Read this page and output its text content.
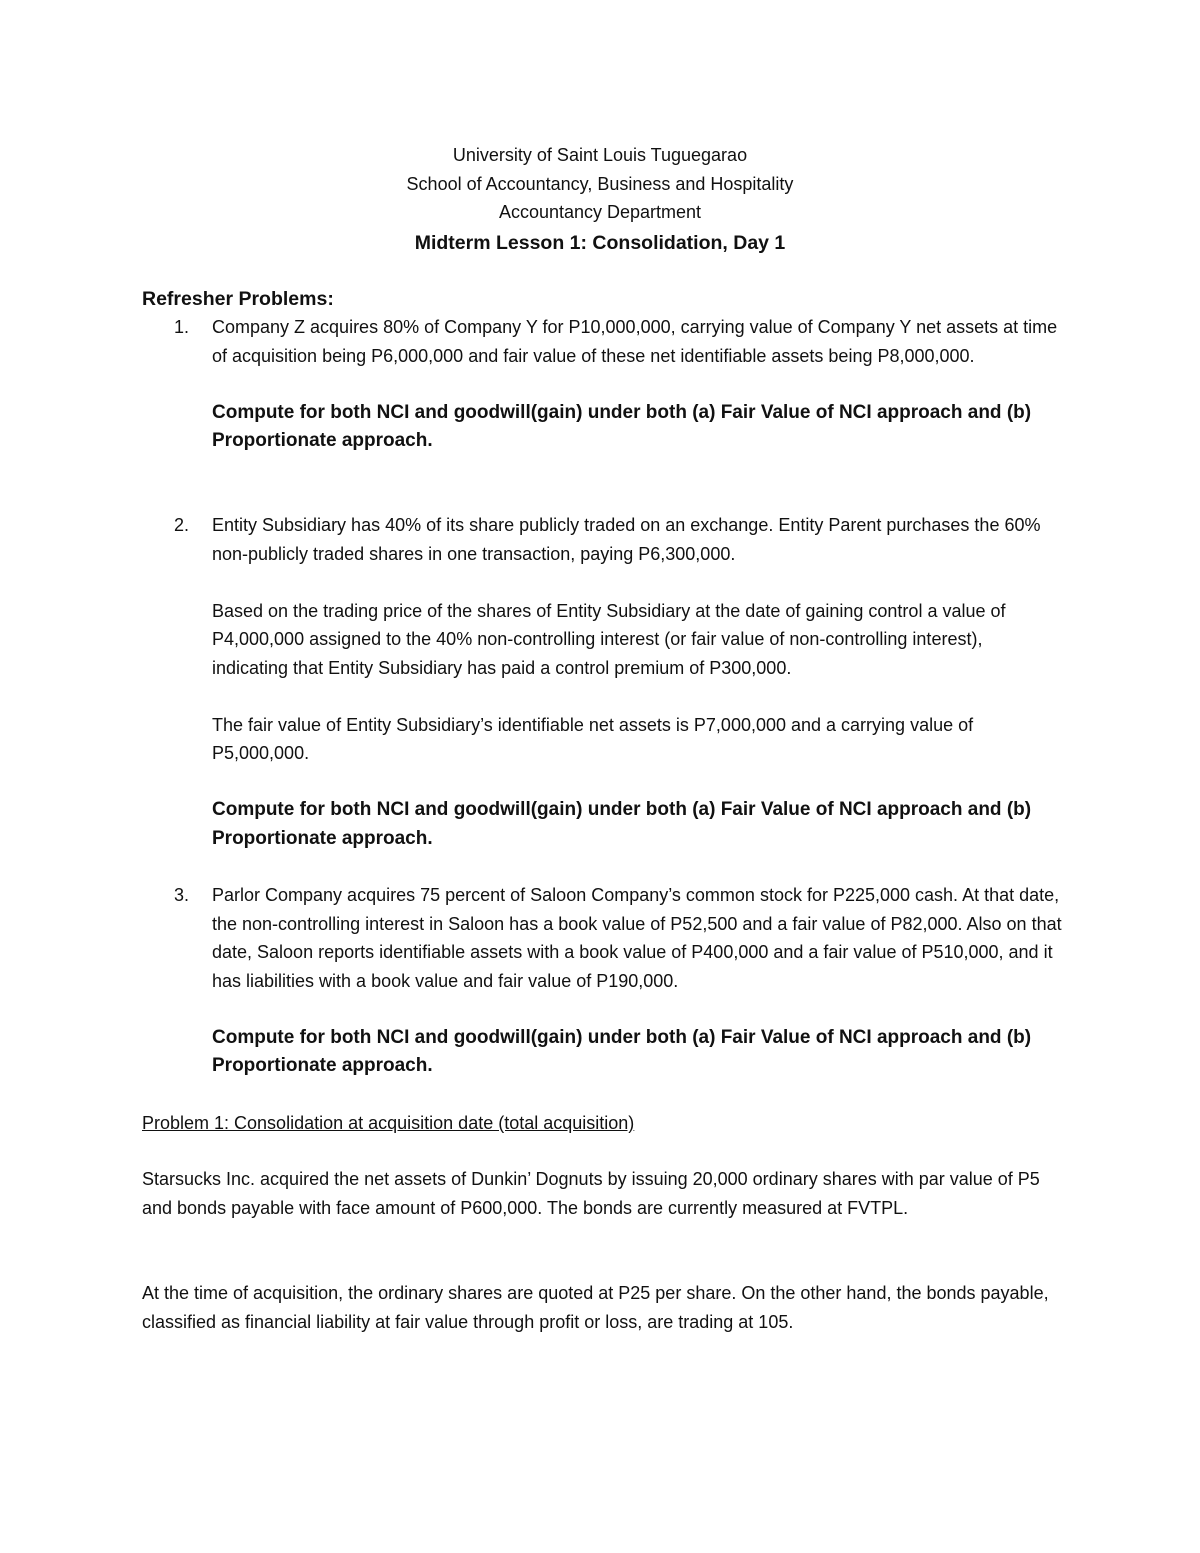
University of Saint Louis Tuguegarao
School of Accountancy, Business and Hospitality
Accountancy Department
Midterm Lesson 1: Consolidation, Day 1
Refresher Problems:
1.	Company Z acquires 80% of Company Y for P10,000,000, carrying value of Company Y net assets at time of acquisition being P6,000,000 and fair value of these net identifiable assets being P8,000,000.

Compute for both NCI and goodwill(gain) under both (a) Fair Value of NCI approach and (b) Proportionate approach.

2.	Entity Subsidiary has 40% of its share publicly traded on an exchange. Entity Parent purchases the 60% non-publicly traded shares in one transaction, paying P6,300,000.

Based on the trading price of the shares of Entity Subsidiary at the date of gaining control a value of P4,000,000 assigned to the 40% non-controlling interest (or fair value of non-controlling interest), indicating that Entity Subsidiary has paid a control premium of P300,000.

The fair value of Entity Subsidiary’s identifiable net assets is P7,000,000 and a carrying value of P5,000,000.

Compute for both NCI and goodwill(gain) under both (a) Fair Value of NCI approach and (b) Proportionate approach.

3.	Parlor Company acquires 75 percent of Saloon Company’s common stock for P225,000 cash. At that date, the non-controlling interest in Saloon has a book value of P52,500 and a fair value of P82,000. Also on that date, Saloon reports identifiable assets with a book value of P400,000 and a fair value of P510,000, and it has liabilities with a book value and fair value of P190,000.

Compute for both NCI and goodwill(gain) under both (a) Fair Value of NCI approach and (b) Proportionate approach.

Problem 1: Consolidation at acquisition date (total acquisition)
Starsucks Inc. acquired the net assets of Dunkin’ Dognuts by issuing 20,000 ordinary shares with par value of P5 and bonds payable with face amount of P600,000. The bonds are currently measured at FVTPL.
At the time of acquisition, the ordinary shares are quoted at P25 per share. On the other hand, the bonds payable, classified as financial liability at fair value through profit or loss, are trading at 105.
